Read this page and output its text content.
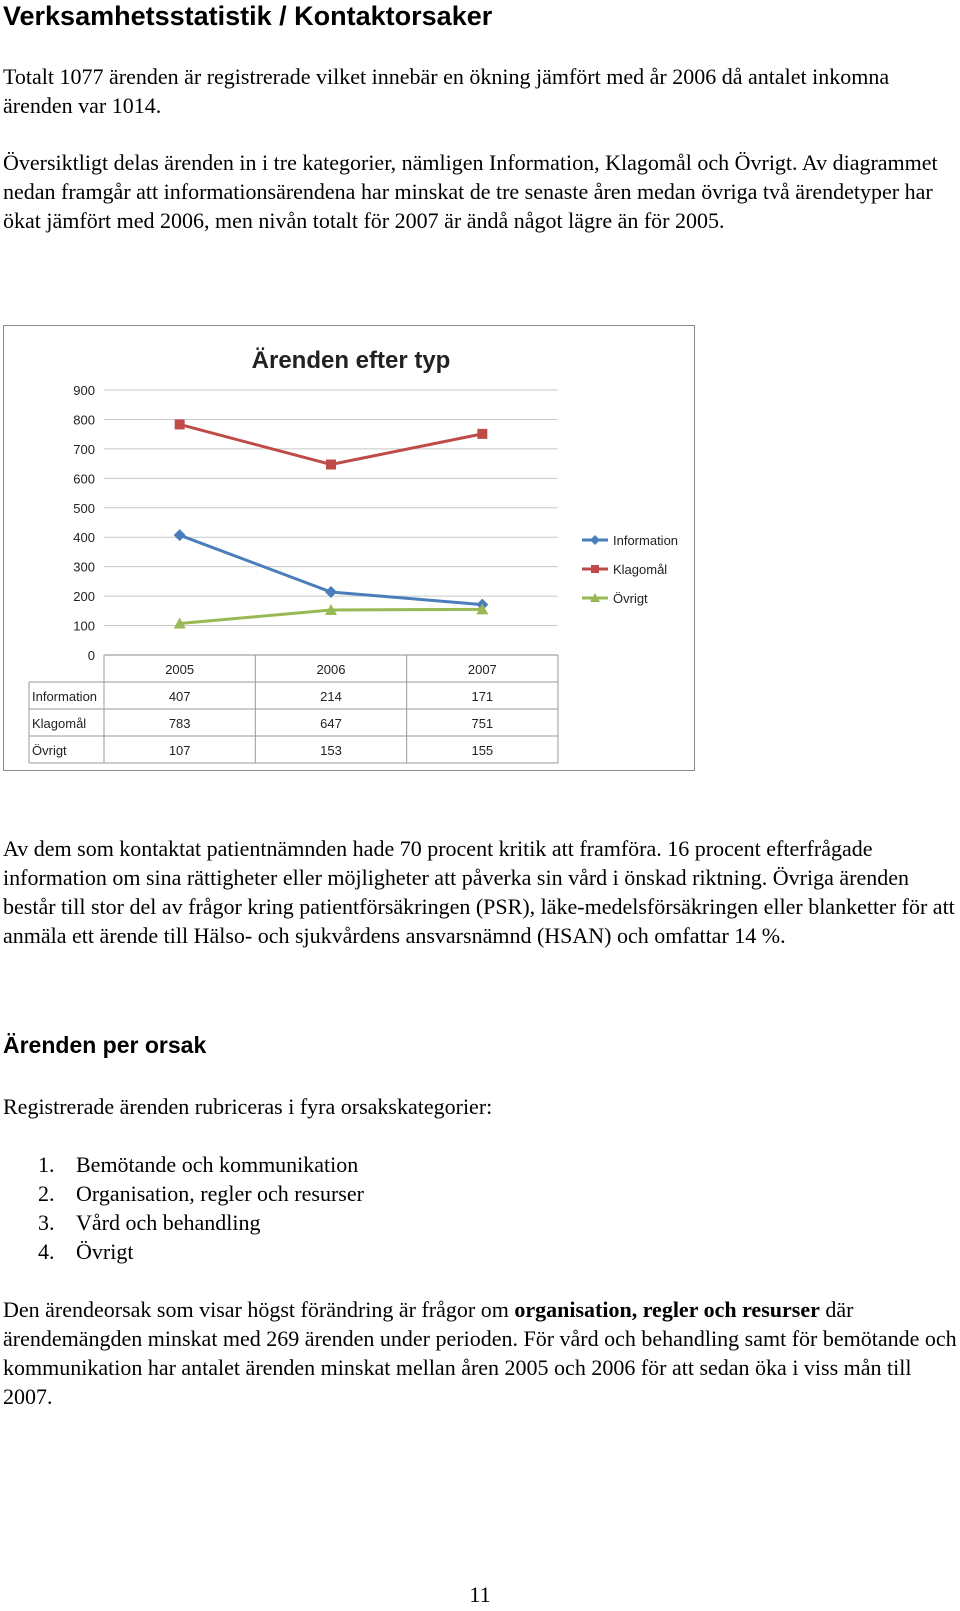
Verksamhetsstatistik / Kontaktorsaker

Totalt 1077 ärenden är registrerade vilket innebär en ökning jämfört med år 2006 då antalet inkomna ärenden var 1014.

Översiktligt delas ärenden in i tre kategorier, nämligen Information, Klagomål och Övrigt. Av diagrammet nedan framgår att informationsärendena har minskat de tre senaste åren medan övriga två ärendetyper har ökat jämfört med 2006, men nivån totalt för 2007 är ändå något lägre än för 2005.

Ärenden efter typ
0
100
200
300
400
500
600
700
800
900
2005	2006	2007
Information	407	214	171
Klagomål	783	647	751
Övrigt	107	153	155
Information
Klagomål
Övrigt

Av dem som kontaktat patientnämnden hade 70 procent kritik att framföra. 16 procent efterfrågade information om sina rättigheter eller möjligheter att påverka sin vård i önskad riktning. Övriga ärenden består till stor del av frågor kring patientförsäkringen (PSR), läke-medelsförsäkringen eller blanketter för att anmäla ett ärende till Hälso- och sjukvårdens ansvarsnämnd (HSAN) och omfattar 14 %.

Ärenden per orsak

Registrerade ärenden rubriceras i fyra orsakskategorier:

1. Bemötande och kommunikation
2. Organisation, regler och resurser
3. Vård och behandling
4. Övrigt

Den ärendeorsak som visar högst förändring är frågor om organisation, regler och resurser där ärendemängden minskat med 269 ärenden under perioden. För vård och behandling samt för bemötande och kommunikation har antalet ärenden minskat mellan åren 2005 och 2006 för att sedan öka i viss mån till 2007.

11
